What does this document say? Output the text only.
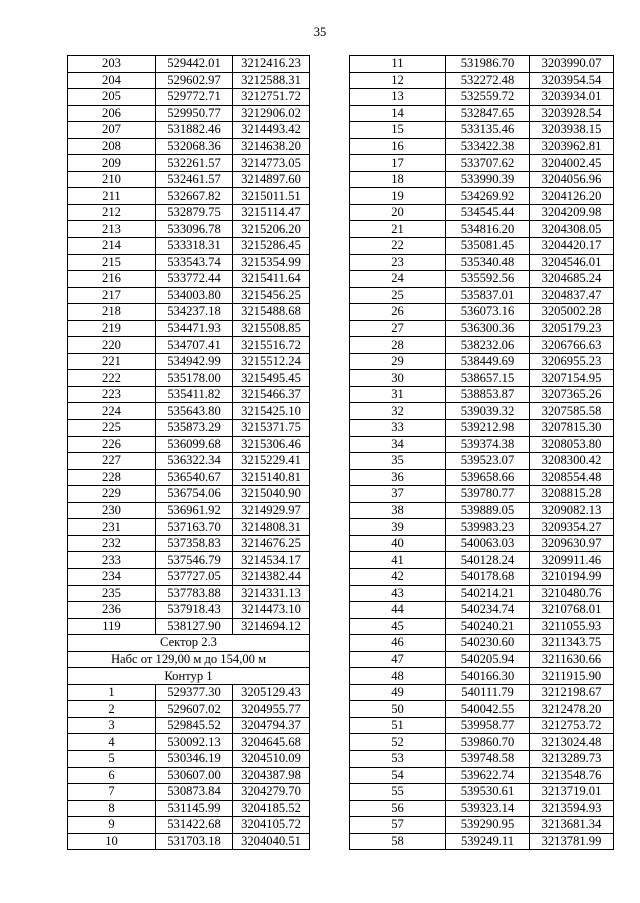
35
203	529442.01	3212416.23
204	529602.97	3212588.31
205	529772.71	3212751.72
206	529950.77	3212906.02
207	531882.46	3214493.42
208	532068.36	3214638.20
209	532261.57	3214773.05
210	532461.57	3214897.60
211	532667.82	3215011.51
212	532879.75	3215114.47
213	533096.78	3215206.20
214	533318.31	3215286.45
215	533543.74	3215354.99
216	533772.44	3215411.64
217	534003.80	3215456.25
218	534237.18	3215488.68
219	534471.93	3215508.85
220	534707.41	3215516.72
221	534942.99	3215512.24
222	535178.00	3215495.45
223	535411.82	3215466.37
224	535643.80	3215425.10
225	535873.29	3215371.75
226	536099.68	3215306.46
227	536322.34	3215229.41
228	536540.67	3215140.81
229	536754.06	3215040.90
230	536961.92	3214929.97
231	537163.70	3214808.31
232	537358.83	3214676.25
233	537546.79	3214534.17
234	537727.05	3214382.44
235	537783.88	3214331.13
236	537918.43	3214473.10
119	538127.90	3214694.12
Сектор 2.3		
Набс от 129,00 м до 154,00 м		
Контур 1		
1	529377.30	3205129.43
2	529607.02	3204955.77
3	529845.52	3204794.37
4	530092.13	3204645.68
5	530346.19	3204510.09
6	530607.00	3204387.98
7	530873.84	3204279.70
8	531145.99	3204185.52
9	531422.68	3204105.72
10	531703.18	3204040.51
11	531986.70	3203990.07
12	532272.48	3203954.54
13	532559.72	3203934.01
14	532847.65	3203928.54
15	533135.46	3203938.15
16	533422.38	3203962.81
17	533707.62	3204002.45
18	533990.39	3204056.96
19	534269.92	3204126.20
20	534545.44	3204209.98
21	534816.20	3204308.05
22	535081.45	3204420.17
23	535340.48	3204546.01
24	535592.56	3204685.24
25	535837.01	3204837.47
26	536073.16	3205002.28
27	536300.36	3205179.23
28	538232.06	3206766.63
29	538449.69	3206955.23
30	538657.15	3207154.95
31	538853.87	3207365.26
32	539039.32	3207585.58
33	539212.98	3207815.30
34	539374.38	3208053.80
35	539523.07	3208300.42
36	539658.66	3208554.48
37	539780.77	3208815.28
38	539889.05	3209082.13
39	539983.23	3209354.27
40	540063.03	3209630.97
41	540128.24	3209911.46
42	540178.68	3210194.99
43	540214.21	3210480.76
44	540234.74	3210768.01
45	540240.21	3211055.93
46	540230.60	3211343.75
47	540205.94	3211630.66
48	540166.30	3211915.90
49	540111.79	3212198.67
50	540042.55	3212478.20
51	539958.77	3212753.72
52	539860.70	3213024.48
53	539748.58	3213289.73
54	539622.74	3213548.76
55	539530.61	3213719.01
56	539323.14	3213594.93
57	539290.95	3213681.34
58	539249.11	3213781.99
